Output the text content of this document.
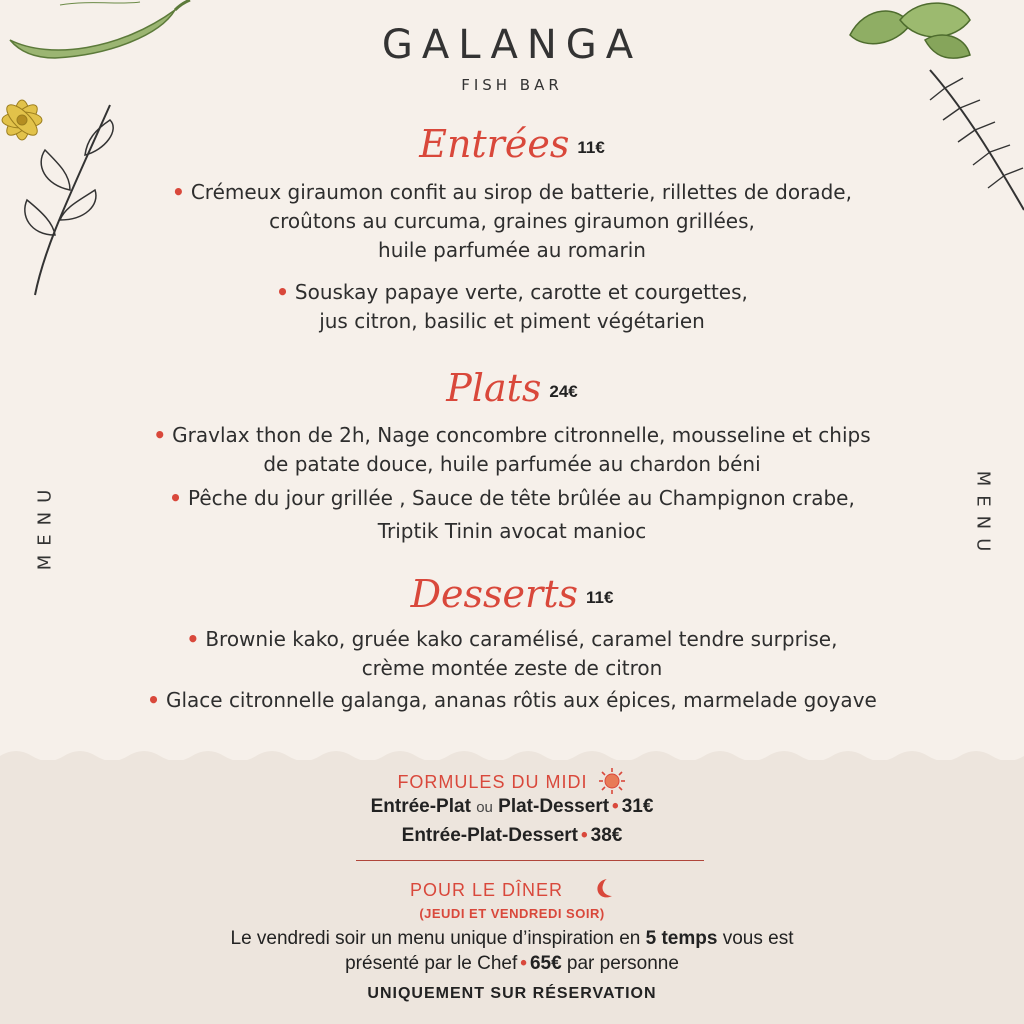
GALANGA
FISH BAR
MENU	MENU
Entrées 11€
• Crémeux giraumon confit au sirop de batterie, rillettes de dorade,
croûtons au curcuma, graines giraumon grillées,
huile parfumée au romarin
• Souskay papaye verte, carotte et courgettes,
jus citron, basilic et piment végétarien
Plats 24€
• Gravlax thon de 2h, Nage concombre citronnelle, mousseline et chips
de patate douce, huile parfumée au chardon béni
• Pêche du jour grillée , Sauce de tête brûlée au Champignon crabe,
Triptik Tinin avocat manioc
Desserts 11€
• Brownie kako, gruée kako caramélisé, caramel tendre surprise,
crème montée zeste de citron
• Glace citronnelle galanga, ananas rôtis aux épices, marmelade goyave
FORMULES DU MIDI
Entrée-Plat ou Plat-Dessert • 31€
Entrée-Plat-Dessert • 38€
POUR LE DÎNER
(JEUDI ET VENDREDI SOIR)
Le vendredi soir un menu unique d’inspiration en 5 temps vous est
présenté par le Chef • 65€ par personne
UNIQUEMENT SUR RÉSERVATION
